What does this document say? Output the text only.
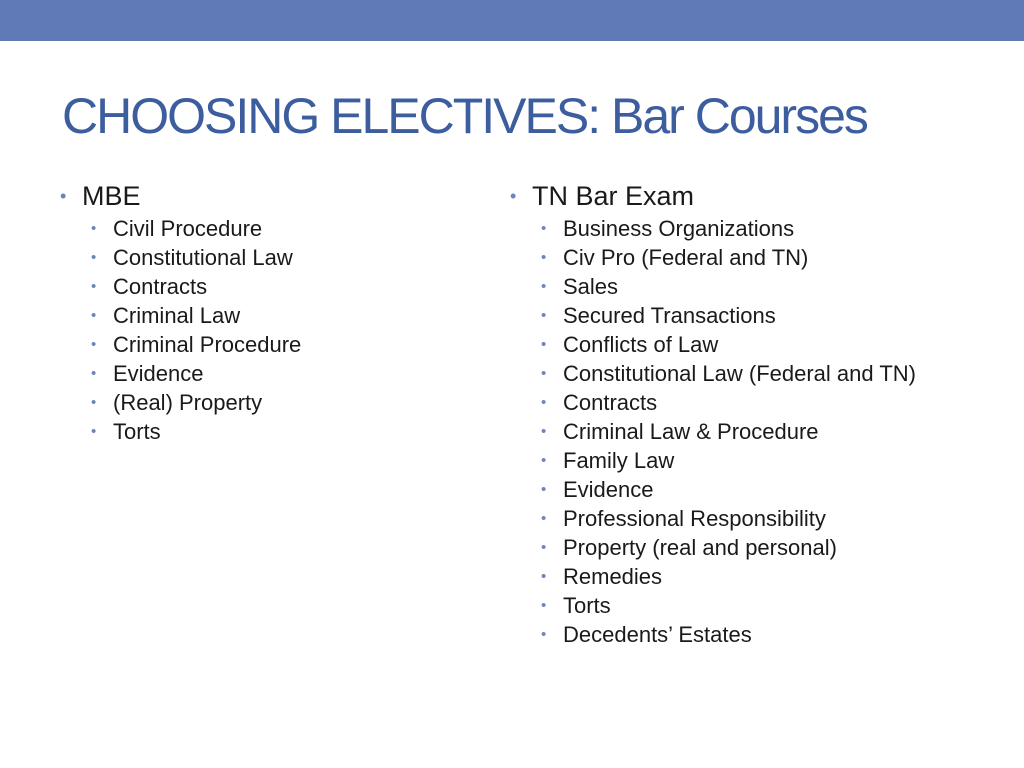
CHOOSING ELECTIVES: Bar Courses
• MBE
• Civil Procedure
• Constitutional Law
• Contracts
• Criminal Law
• Criminal Procedure
• Evidence
• (Real) Property
• Torts
• TN Bar Exam
• Business Organizations
• Civ Pro (Federal and TN)
• Sales
• Secured Transactions
• Conflicts of Law
• Constitutional Law (Federal and TN)
• Contracts
• Criminal Law & Procedure
• Family Law
• Evidence
• Professional Responsibility
• Property (real and personal)
• Remedies
• Torts
• Decedents’ Estates
